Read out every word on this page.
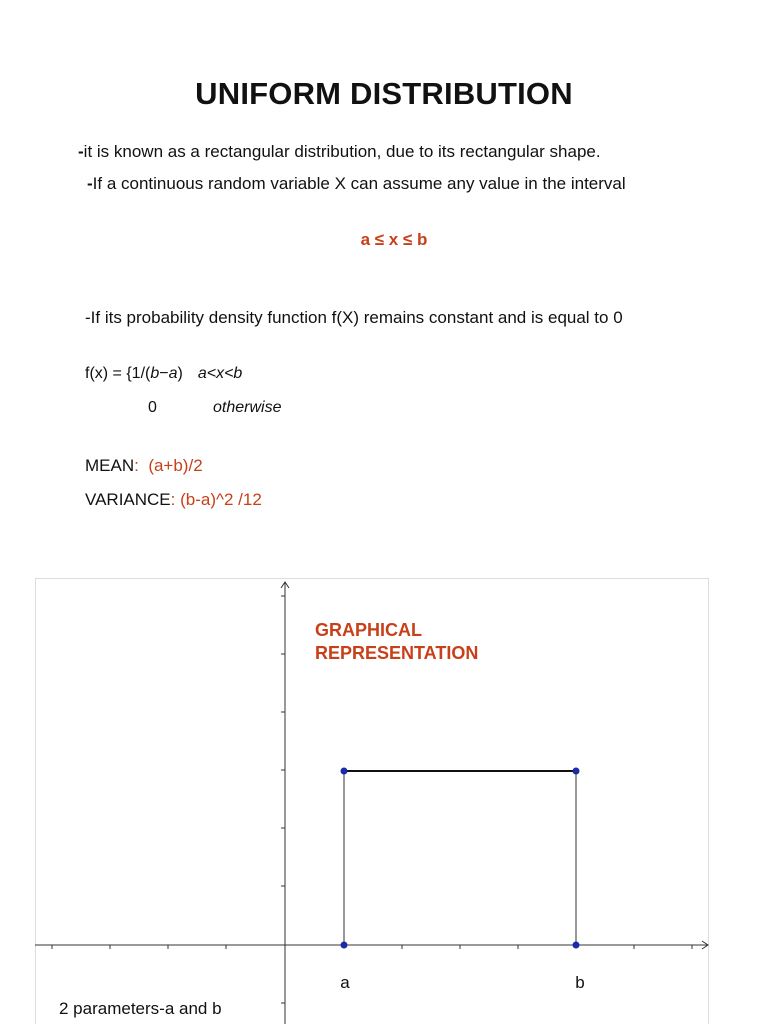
UNIFORM DISTRIBUTION
-it is known as a rectangular distribution, due to its rectangular shape.
-If a continuous random variable X can assume any value in the interval
a ≤ x ≤ b
-If its probability density function f(X) remains constant and is equal to 0
f(x) = {1/(b−a) a<x<b
0	otherwise
MEAN: (a+b)/2
VARIANCE: (b-a)^2 /12
GRAPHICAL
REPRESENTATION
a	b
2 parameters-a and b
